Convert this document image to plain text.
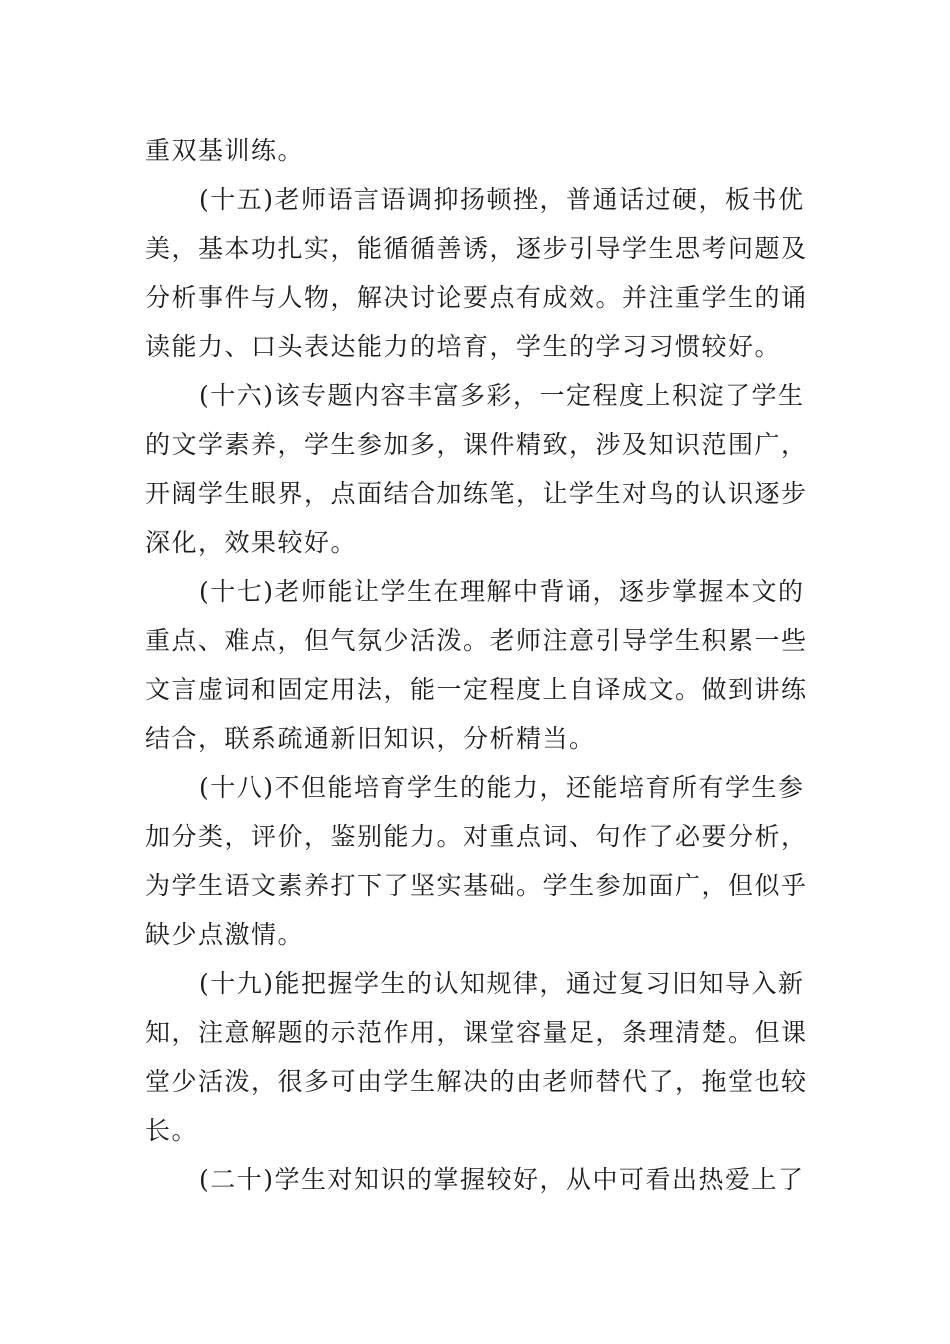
重双基训练。
(十五)老师语言语调抑扬顿挫，普通话过硬，板书优
美，基本功扎实，能循循善诱，逐步引导学生思考问题及
分析事件与人物，解决讨论要点有成效。并注重学生的诵
读能力、口头表达能力的培育，学生的学习习惯较好。
(十六)该专题内容丰富多彩，一定程度上积淀了学生
的文学素养，学生参加多，课件精致，涉及知识范围广，
开阔学生眼界，点面结合加练笔，让学生对鸟的认识逐步
深化，效果较好。
(十七)老师能让学生在理解中背诵，逐步掌握本文的
重点、难点，但气氛少活泼。老师注意引导学生积累一些
文言虚词和固定用法，能一定程度上自译成文。做到讲练
结合，联系疏通新旧知识，分析精当。
(十八)不但能培育学生的能力，还能培育所有学生参
加分类，评价，鉴别能力。对重点词、句作了必要分析，
为学生语文素养打下了坚实基础。学生参加面广，但似乎
缺少点激情。
(十九)能把握学生的认知规律，通过复习旧知导入新
知，注意解题的示范作用，课堂容量足，条理清楚。但课
堂少活泼，很多可由学生解决的由老师替代了，拖堂也较
长。
(二十)学生对知识的掌握较好，从中可看出热爱上了
